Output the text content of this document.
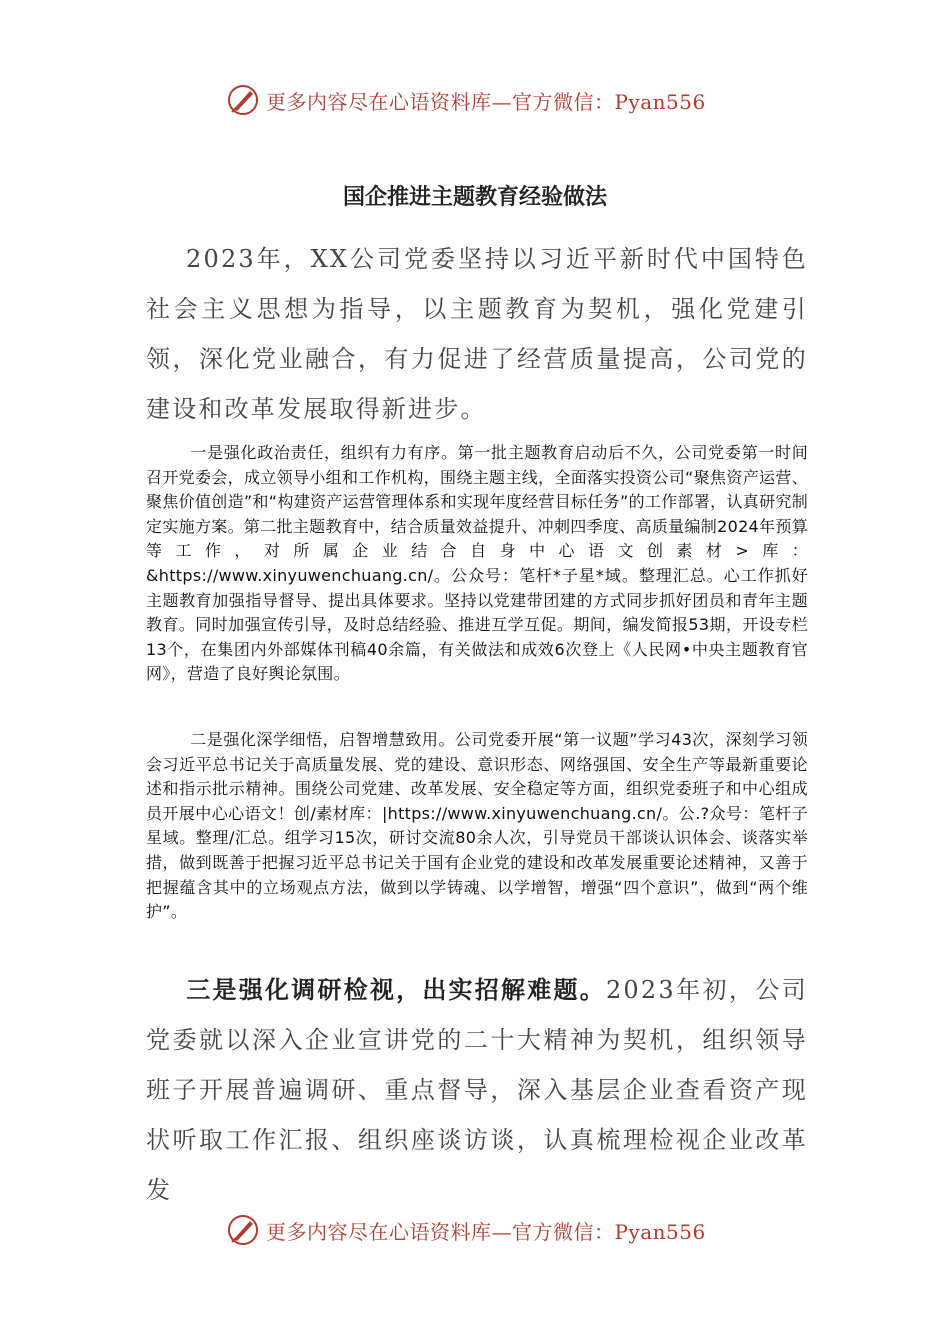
更多内容尽在心语资料库—官方微信：Pyan556
国企推进主题教育经验做法
2023年，XX公司党委坚持以习近平新时代中国特色社会主义思想为指导，以主题教育为契机，强化党建引领，深化党业融合，有力促进了经营质量提高，公司党的建设和改革发展取得新进步。
一是强化政治责任，组织有力有序。第一批主题教育启动后不久，公司党委第一时间召开党委会，成立领导小组和工作机构，围绕主题主线，全面落实投资公司“聚焦资产运营、聚焦价值创造”和“构建资产运营管理体系和实现年度经营目标任务”的工作部署，认真研究制定实施方案。第二批主题教育中，结合质量效益提升、冲刺四季度、高质量编制2024年预算等工作，对所属企业结合自身中心语文创素材>库：&https://www.xinyuwenchuang.cn/。公众号：笔杆*子星*域。整理汇总。心工作抓好主题教育加强指导督导、提出具体要求。坚持以党建带团建的方式同步抓好团员和青年主题教育。同时加强宣传引导，及时总结经验、推进互学互促。期间，编发简报53期，开设专栏13个，在集团内外部媒体刊稿40余篇，有关做法和成效6次登上《人民网•中央主题教育官网》，营造了良好舆论氛围。
二是强化深学细悟，启智增慧致用。公司党委开展“第一议题”学习43次，深刻学习领会习近平总书记关于高质量发展、党的建设、意识形态、网络强国、安全生产等最新重要论述和指示批示精神。围绕公司党建、改革发展、安全稳定等方面，组织党委班子和中心组成员开展中心心语文！创/素材库：|https://www.xinyuwenchuang.cn/。公.?众号：笔杆子星域。整理/汇总。组学习15次，研讨交流80余人次，引导党员干部谈认识体会、谈落实举措，做到既善于把握习近平总书记关于国有企业党的建设和改革发展重要论述精神，又善于把握蕴含其中的立场观点方法，做到以学铸魂、以学增智，增强“四个意识”，做到“两个维护”。
三是强化调研检视，出实招解难题。2023年初，公司党委就以深入企业宣讲党的二十大精神为契机，组织领导班子开展普遍调研、重点督导，深入基层企业查看资产现状听取工作汇报、组织座谈访谈，认真梳理检视企业改革发
更多内容尽在心语资料库—官方微信：Pyan556
